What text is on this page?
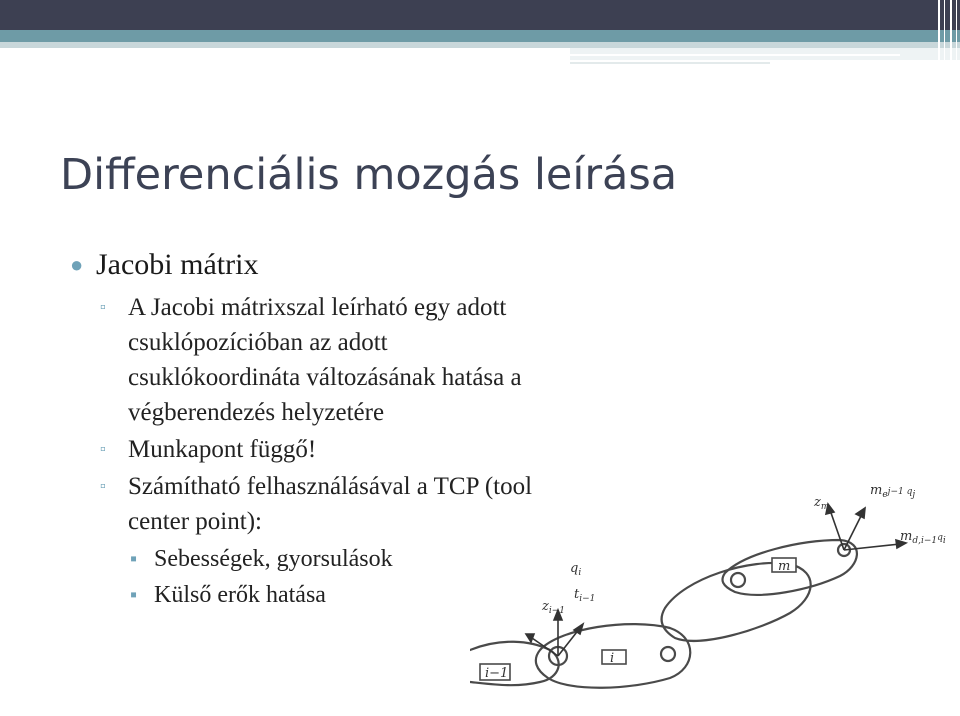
Differenciális mozgás leírása
● Jacobi mátrix
▫ A Jacobi mátrixszal leírható egy adott csuklópozícióban az adott csuklókoordináta változásának hatása a végberendezés helyzetére
▫ Munkapont függő!
▫ Számítható felhasználásával a TCP (tool center point):
▪ Sebességek, gyorsulások
▪ Külső erők hatása
i−1
i
m
$q_i$
$t_{i-1}$
$z_{i-1}$
$z_m$
$m_e^{j-1 q}_j$
$m_{d,i-1}^q_i$
